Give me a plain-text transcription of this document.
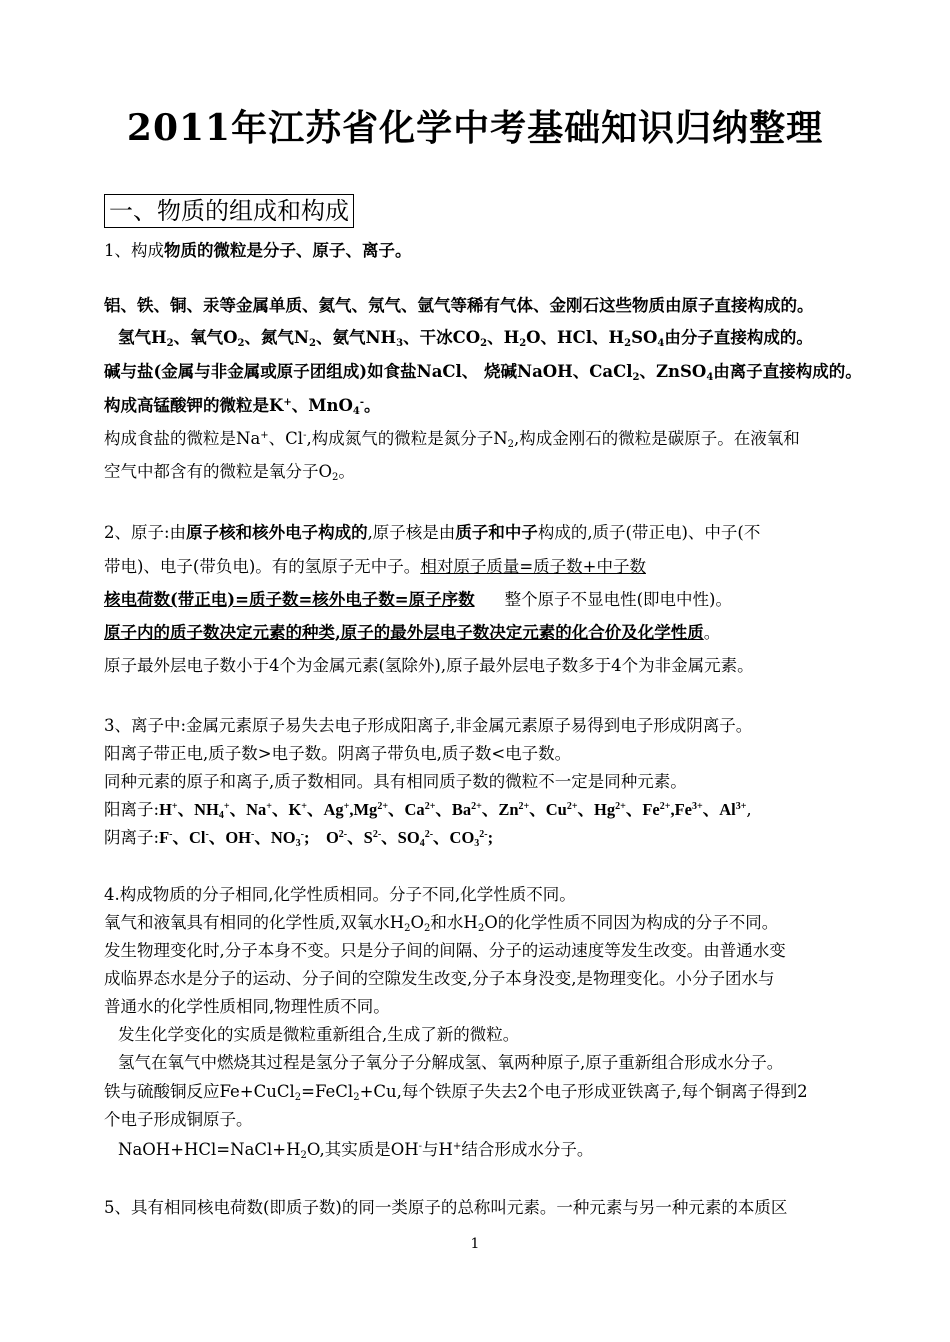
2011年江苏省化学中考基础知识归纳整理
一、物质的组成和构成
1、构成物质的微粒是分子、原子、离子。
铝、铁、铜、汞等金属单质、氦气、氖气、氩气等稀有气体、金刚石这些物质由原子直接构成的。
氢气$H_2$、氧气$O_2$、氮气$N_2$、氨气$NH_3$、干冰$CO_2$、$H_2O$、HCl、$H_2SO_4$由分子直接构成的。
碱与盐(金属与非金属或原子团组成)如食盐NaCl、 烧碱NaOH、CaCl$_2$、ZnSO$_4$由离子直接构成的。
构成高锰酸钾的微粒是K+、MnO$_4$-。
构成食盐的微粒是Na+、Cl-,构成氮气的微粒是氮分子$N_2$,构成金刚石的微粒是碳原子。在液氧和
空气中都含有的微粒是氧分子$O_2$。
2、原子:由原子核和核外电子构成的,原子核是由质子和中子构成的,质子(带正电)、中子(不
带电)、电子(带负电)。有的氢原子无中子。相对原子质量=质子数+中子数
核电荷数(带正电)=质子数=核外电子数=原子序数 整个原子不显电性(即电中性)。
原子内的质子数决定元素的种类,原子的最外层电子数决定元素的化合价及化学性质。
原子最外层电子数小于4个为金属元素(氢除外),原子最外层电子数多于4个为非金属元素。
3、离子中:金属元素原子易失去电子形成阳离子,非金属元素原子易得到电子形成阴离子。
阳离子带正电,质子数>电子数。阴离子带负电,质子数<电子数。
同种元素的原子和离子,质子数相同。具有相同质子数的微粒不一定是同种元素。
阳离子:H+、$NH_4^+$、Na+、K+、$Ag^+,Mg^{2+}$、$Ca^{2+}$、$Ba^{2+}$、$Zn^{2+}$、$Cu^{2+}$、$Hg^{2+}$、$Fe^{2+},Fe^{3+}$、$Al^{3+}$,
阴离子:F-、Cl-、OH-、$NO_3^-$;    $O^{2-}$、$S^{2-}$、$SO_4^{2-}$、$CO_3^{2-}$;
4.构成物质的分子相同,化学性质相同。分子不同,化学性质不同。
氧气和液氧具有相同的化学性质,双氧水$H_2O_2$和水$H_2O$的化学性质不同因为构成的分子不同。
发生物理变化时,分子本身不变。只是分子间的间隔、分子的运动速度等发生改变。由普通水变
成临界态水是分子的运动、分子间的空隙发生改变,分子本身没变,是物理变化。小分子团水与
普通水的化学性质相同,物理性质不同。
发生化学变化的实质是微粒重新组合,生成了新的微粒。
氢气在氧气中燃烧其过程是氢分子氧分子分解成氢、氧两种原子,原子重新组合形成水分子。
铁与硫酸铜反应Fe+CuCl$_2$=FeCl$_2$+Cu,每个铁原子失去2个电子形成亚铁离子,每个铜离子得到2
个电子形成铜原子。
$NaOH+HCl=NaCl+H_2O$,其实质是OH-与H+结合形成水分子。
5、具有相同核电荷数(即质子数)的同一类原子的总称叫元素。一种元素与另一种元素的本质区
1
